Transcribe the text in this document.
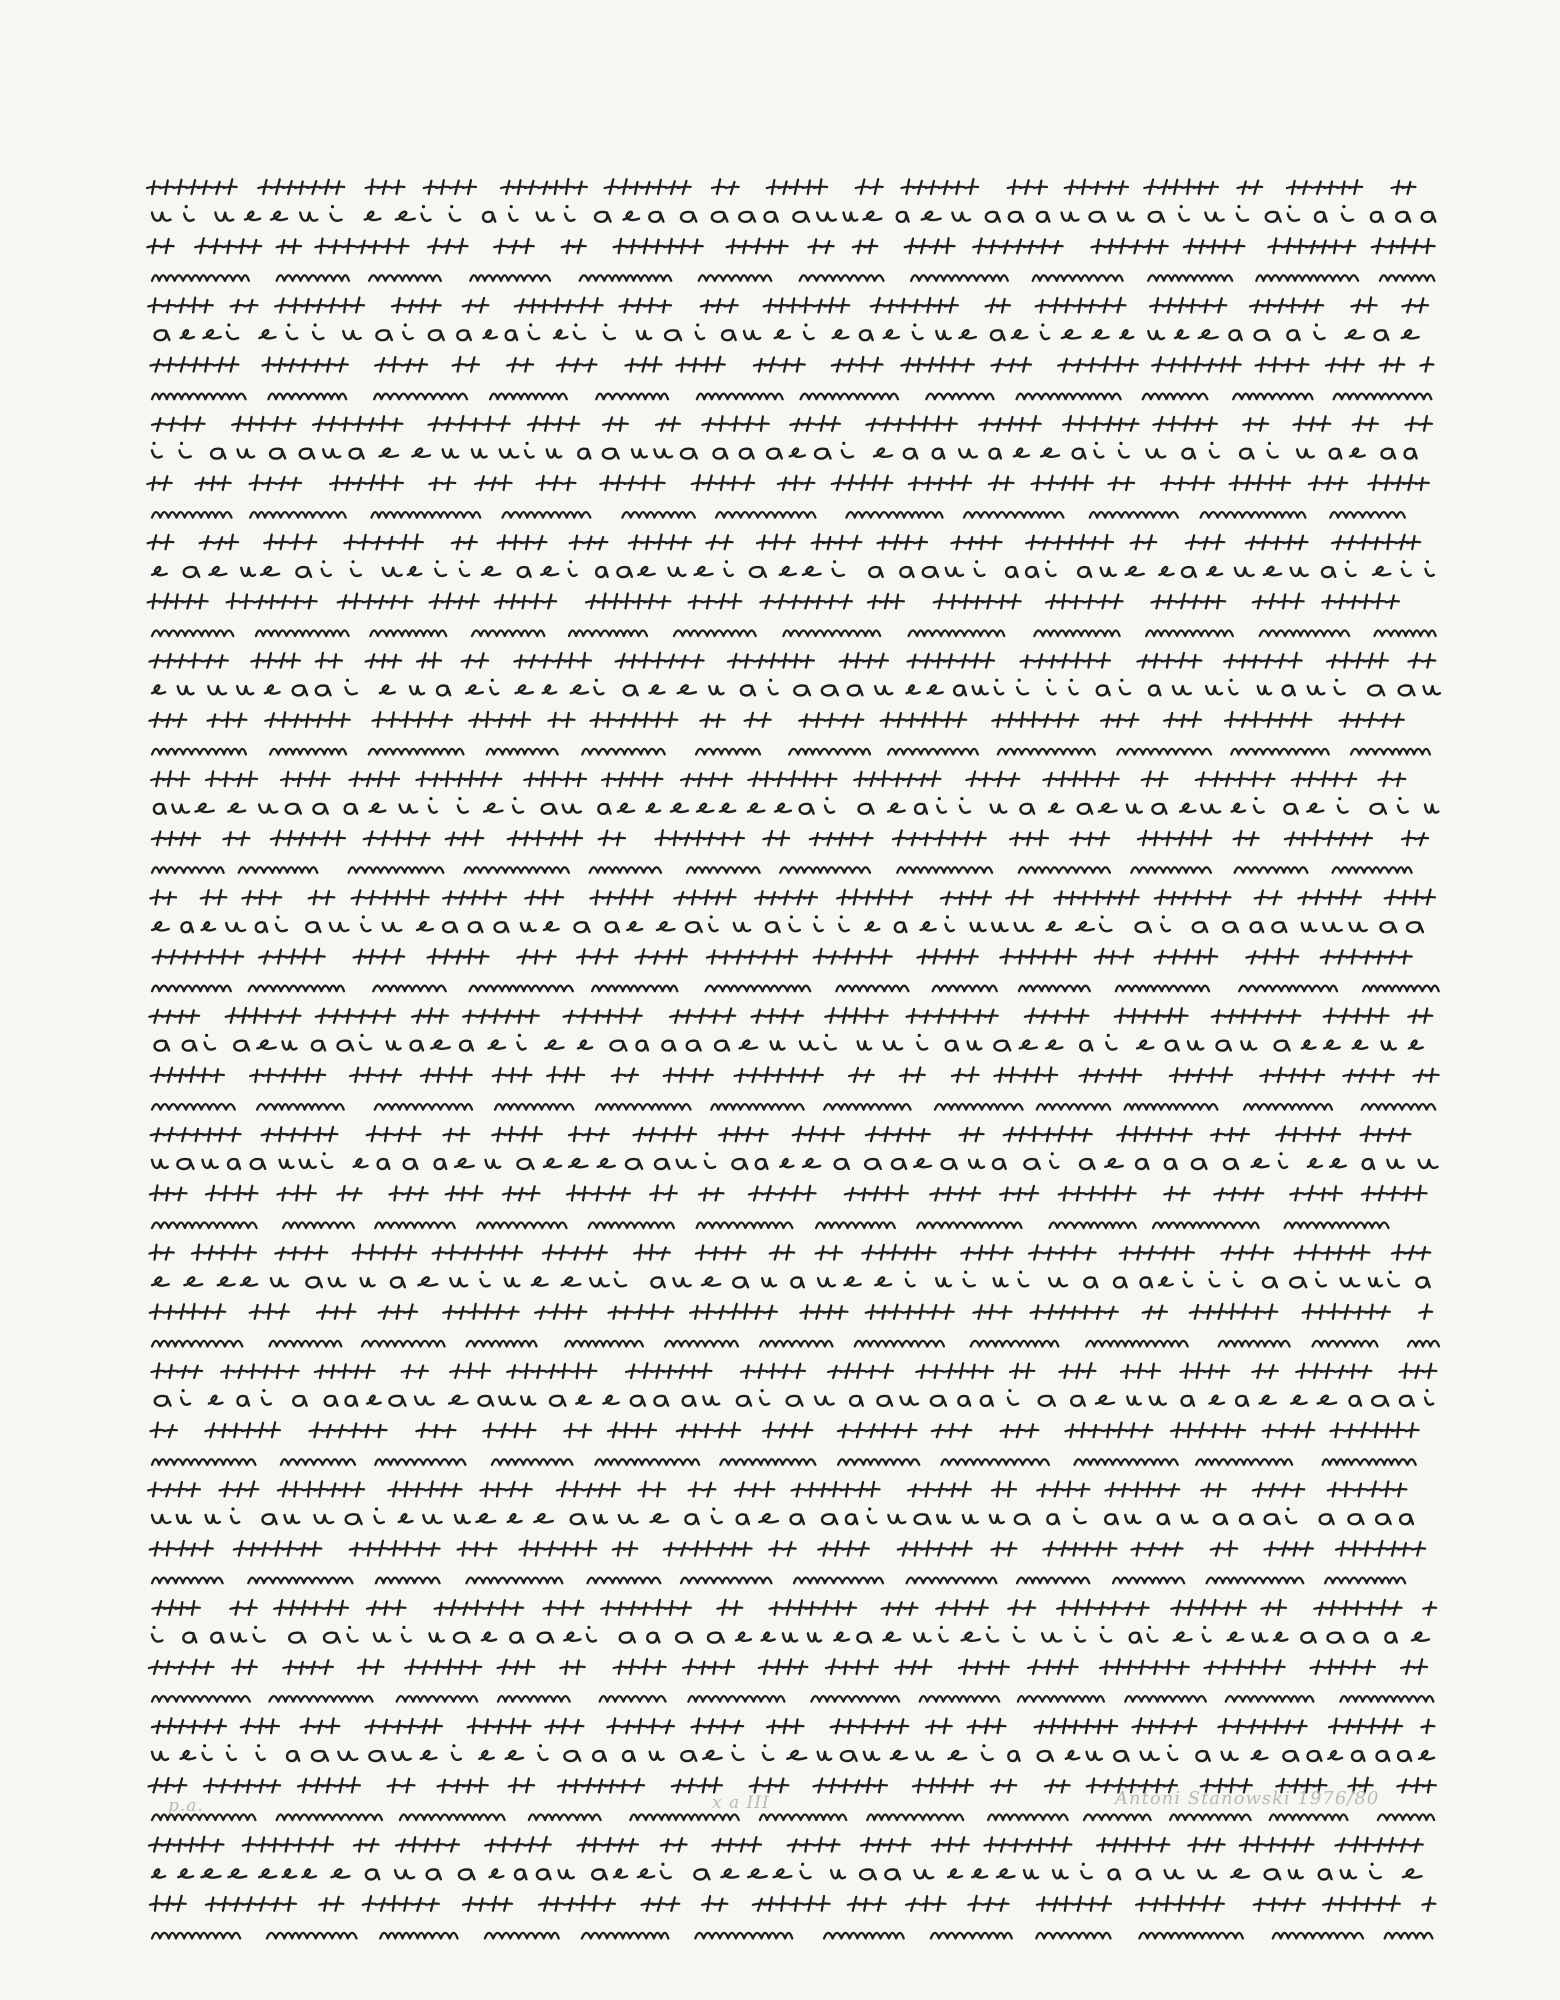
p.a.	x a III	Antoni Stanowski 1976/80
